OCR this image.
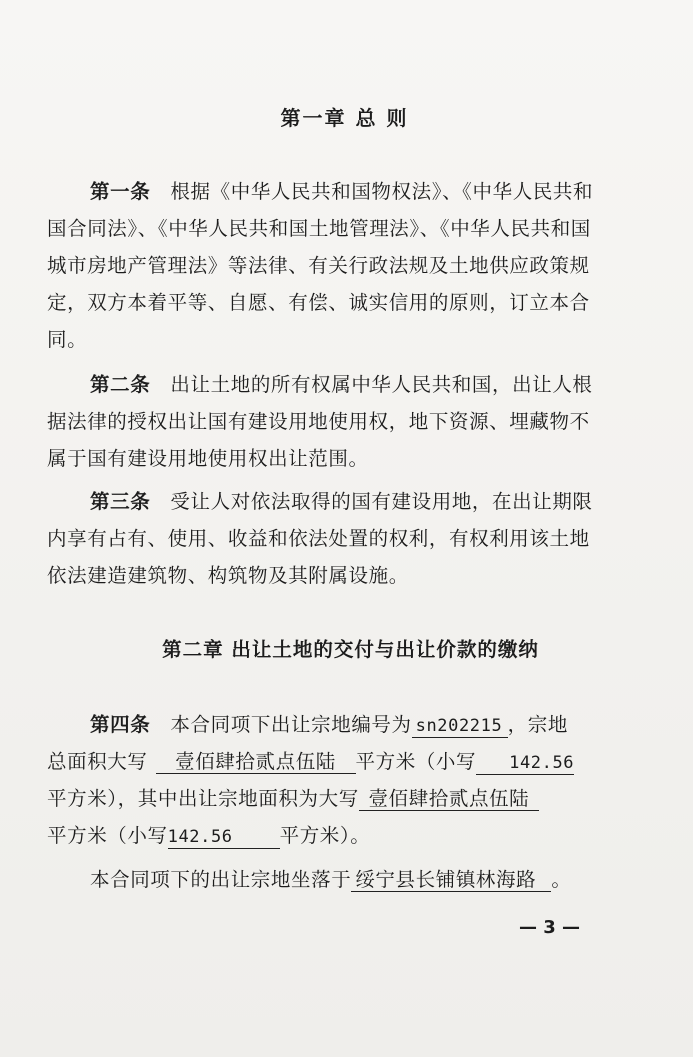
第一章 总 则
第一条　 根据《中华人民共和国物权法》、《中华人民共和
国合同法》、《中华人民共和国土地管理法》、《中华人民共和国
城市房地产管理法》等法律、有关行政法规及土地供应政策规
定，双方本着平等、自愿、有偿、诚实信用的原则，订立本合
同。
第二条　 出让土地的所有权属中华人民共和国，出让人根
据法律的授权出让国有建设用地使用权，地下资源、埋藏物不
属于国有建设用地使用权出让范围。
第三条　 受让人对依法取得的国有建设用地，在出让期限
内享有占有、使用、收益和依法处置的权利，有权利用该土地
依法建造建筑物、构筑物及其附属设施。
第二章 出让土地的交付与出让价款的缴纳
第四条　 本合同项下出让宗地编号为 sn202215 ，宗地
总面积大写 壹佰肆拾贰点伍陆 平方米（小写 142.56
平方米），其中出让宗地面积为大写 壹佰肆拾贰点伍陆
平方米（小写142.56 平方米）。
本合同项下的出让宗地坐落于 绥宁县长铺镇林海路 。
— 3 —
